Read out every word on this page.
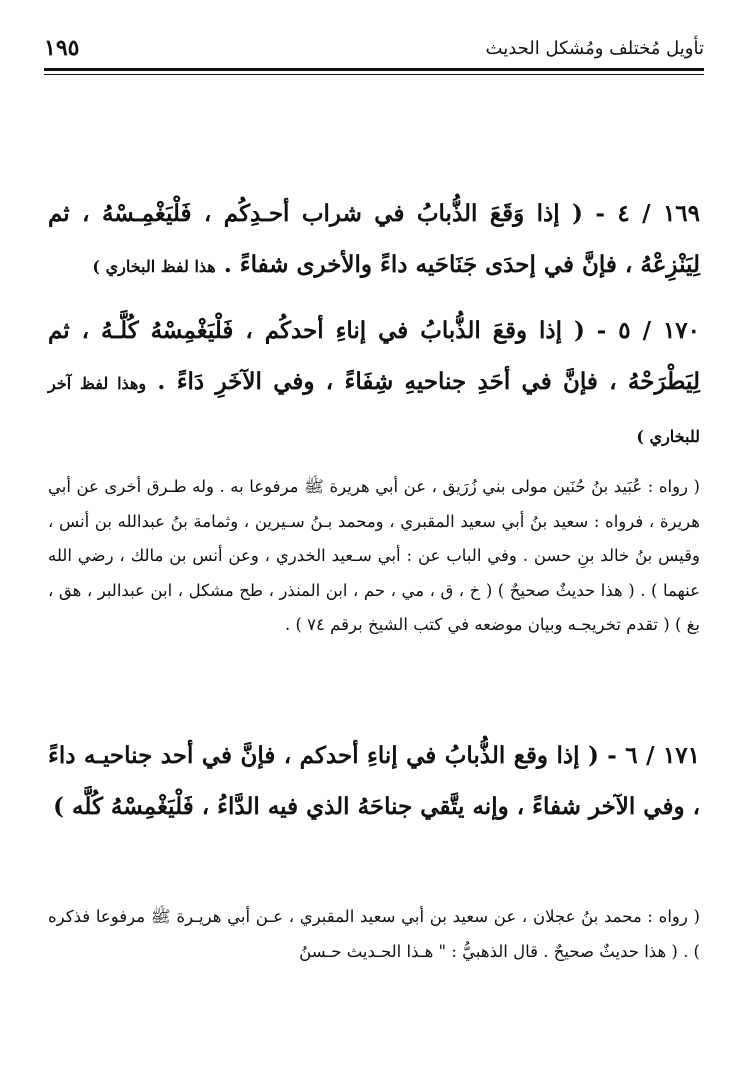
١٩٥	تأويل مُختلف ومُشكل الحديث
١٦٩ / ٤ - ( إذا وَقَعَ الذُّبابُ في شراب أحـدِكُم ، فَلْيَغْمِـسْهُ ، ثم لِيَنْزِعْهُ ، فإنَّ في إحدَى جَنَاحَيه داءً والأخرى شفاءً . هذا لفظ البخاري )
١٧٠ / ٥ - ( إذا وقعَ الذُّبابُ في إناءِ أحدكُم ، فَلْيَغْمِسْهُ كُلَّـهُ ، ثم لِيَطْرَحْهُ ، فإنَّ في أحَدِ جناحيهِ شِفَاءً ، وفي الآخَرِ دَاءً . وهذا لفظ آخر للبخاري )
( رواه : عُبَيد بنُ حُنَين مولى بني زُرَيق ، عن أبي هريرة ﷺ مرفوعا به . وله طـرق أخرى عن أبي هريرة ، فرواه : سعيد بنُ أبي سعيد المقبري ، ومحمد بـنُ سـيرين ، وثمامة بنُ عبدالله بن أنس ، وقيس بنُ خالد بنِ حسن . وفي الباب عن : أبي سـعيد الخدري ، وعن أنس بن مالك ، رضي الله عنهما ) . ( هذا حديثٌ صحيحٌ ) ( خ ، ق ، مي ، حم ، ابن المنذر ، طح مشكل ، ابن عبدالبر ، هق ، بغ ) ( تقدم تخريجـه وبيان موضعه في كتب الشيخ برقم ٧٤ ) .
١٧١ / ٦ - ( إذا وقع الذُّبابُ في إناءِ أحدكم ، فإنَّ في أحد جناحيـه داءً ، وفي الآخر شفاءً ، وإنه يتَّقي جناحَهُ الذي فيه الدَّاءُ ، فَلْيَغْمِسْهُ كُلَّه )
( رواه : محمد بنُ عجلان ، عن سعيد بن أبي سعيد المقبري ، عـن أبي هريـرة ﷺ مرفوعا فذكره ) . ( هذا حديثٌ صحيحٌ . قال الذهبيُّ : " هـذا الحـديث حـسنُ
